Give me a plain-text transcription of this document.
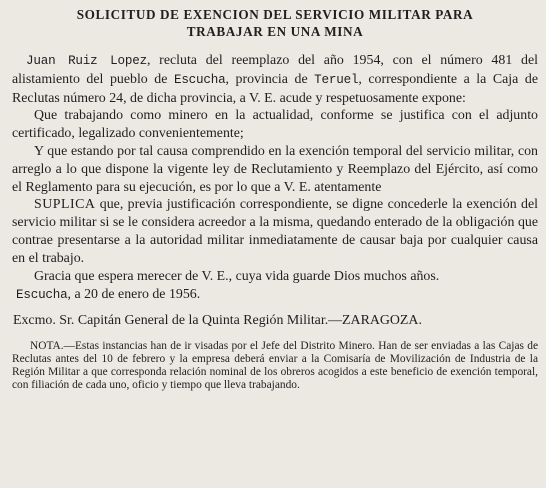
SOLICITUD DE EXENCION DEL SERVICIO MILITAR PARA
TRABAJAR EN UNA MINA

Juan Ruiz Lopez, recluta del reemplazo del año 1954, con el número 481 del alistamiento del pueblo de Escucha, provincia de Teruel, correspondiente a la Caja de Reclutas número 24, de dicha provincia, a V. E. acude y respetuosamente expone:

Que trabajando como minero en la actualidad, conforme se justifica con el adjunto certificado, legalizado convenientemente;

Y que estando por tal causa comprendido en la exención temporal del servicio militar, con arreglo a lo que dispone la vigente ley de Reclutamiento y Reemplazo del Ejército, así como el Reglamento para su ejecución, es por lo que a V. E. atentamente

SUPLICA que, previa justificación correspondiente, se digne concederle la exención del servicio militar si se le considera acreedor a la misma, quedando enterado de la obligación que contrae presentarse a la autoridad militar inmediatamente de causar baja por cualquier causa en el trabajo.

Gracia que espera merecer de V. E., cuya vida guarde Dios muchos años.

Escucha, a 20 de enero de 1956.

Excmo. Sr. Capitán General de la Quinta Región Militar.—ZARAGOZA.
NOTA.—Estas instancias han de ir visadas por el Jefe del Distrito Minero. Han de ser enviadas a las Cajas de Reclutas antes del 10 de febrero y la empresa deberá enviar a la Comisaría de Movilización de Industria de la Región Militar a que corresponda relación nominal de los obreros acogidos a este beneficio de exención temporal, con filiación de cada uno, oficio y tiempo que lleva trabajando.
